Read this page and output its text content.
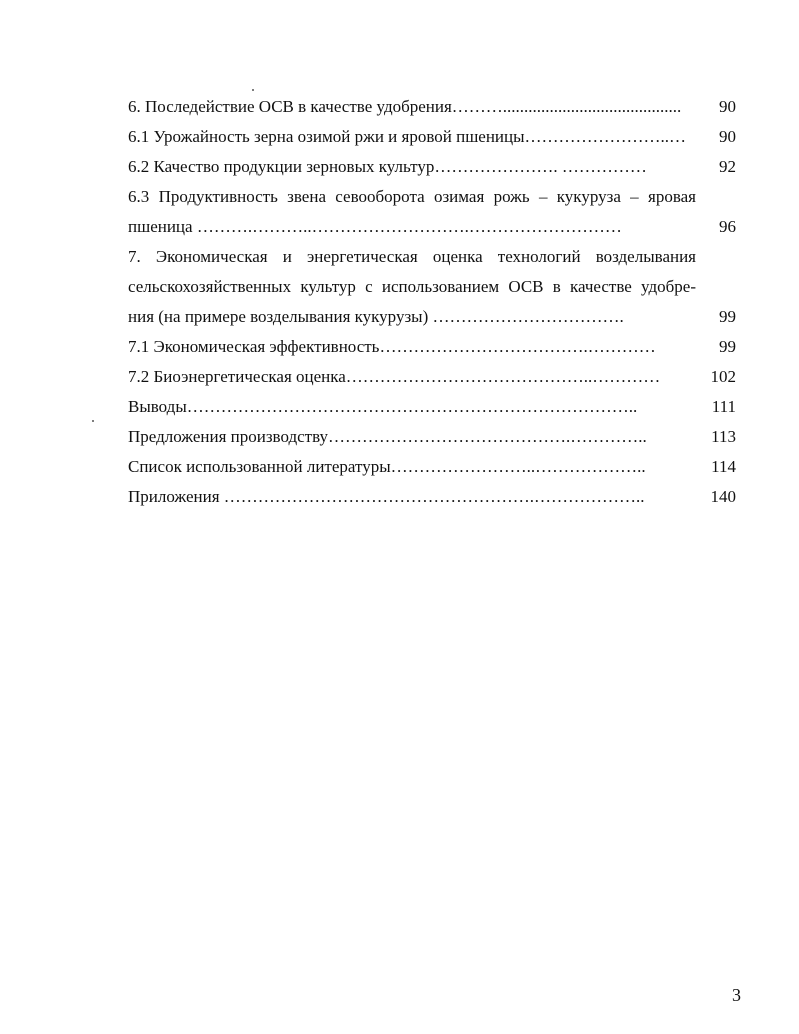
6. Последействие ОСВ в качестве удобрения……….......................................... 90
6.1 Урожайность зерна озимой ржи и яровой пшеницы……………………..… 90
6.2 Качество продукции зерновых культур…………………. ……………	92
6.3 Продуктивность звена севооборота озимая рожь – кукуруза – яровая
пшеница ……….………..……………………….………………………	96
7. Экономическая и энергетическая оценка технологий возделывания
сельскохозяйственных культур с использованием ОСВ в качестве удобре-
ния (на примере возделывания кукурузы) …………………………….	99
7.1 Экономическая эффективность……………………………….…………	99
7.2 Биоэнергетическая оценка……………………………………..…………	102
Выводы……………………………………………………………………..	111
Предложения производству…………………………………….…………..	113
Список использованной литературы……………………..………………..	114
Приложения ……………………………………………….………………..	140
3
